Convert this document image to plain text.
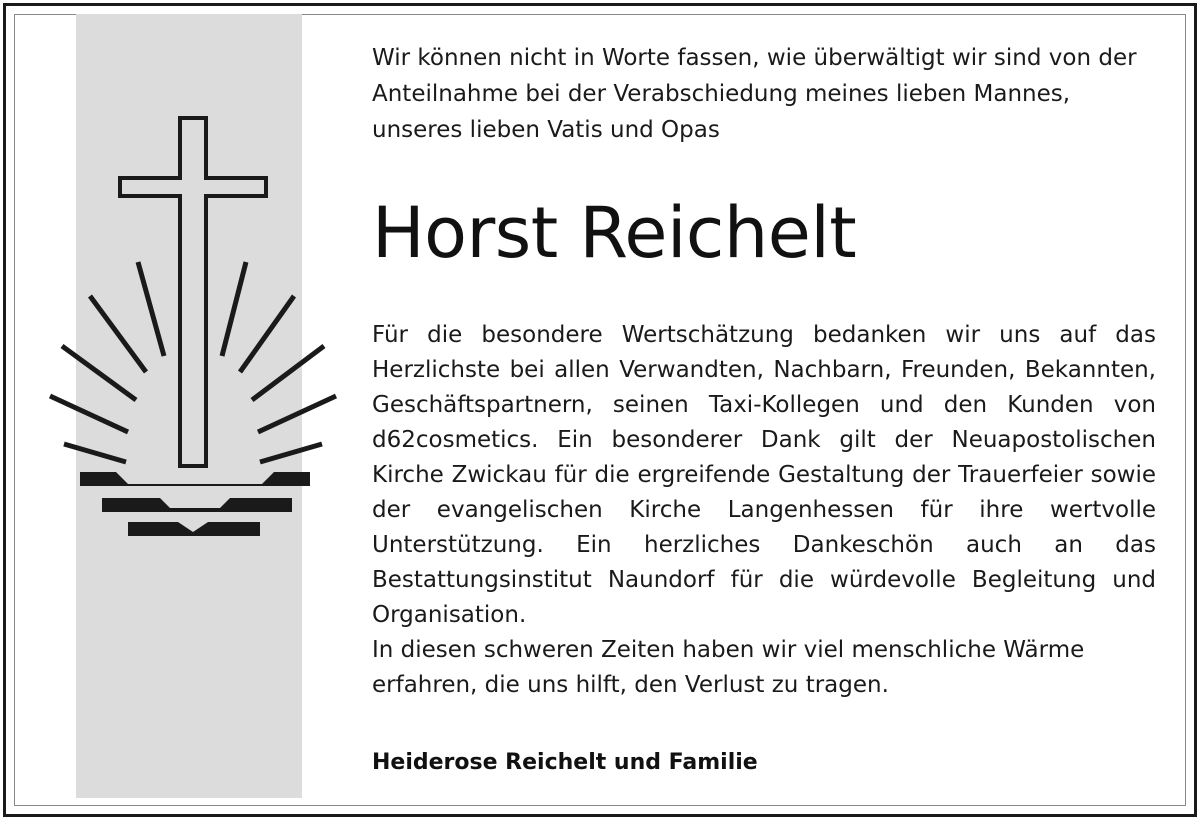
Wir können nicht in Worte fassen, wie überwältigt wir sind von der Anteilnahme bei der Verabschiedung meines lieben Mannes, unseres lieben Vatis und Opas

Horst Reichelt

Für die besondere Wertschätzung bedanken wir uns auf das Herzlichste bei allen Verwandten, Nachbarn, Freunden, Bekannten, Geschäftspartnern, seinen Taxi-Kollegen und den Kunden von d62cosmetics. Ein besonderer Dank gilt der Neuapostolischen Kirche Zwickau für die ergreifende Gestaltung der Trauerfeier sowie der evangelischen Kirche Langenhessen für ihre wertvolle Unterstützung. Ein herzliches Dankeschön auch an das Bestattungsinstitut Naundorf für die würdevolle Begleitung und Organisation.

In diesen schweren Zeiten haben wir viel menschliche Wärme erfahren, die uns hilft, den Verlust zu tragen.

Heiderose Reichelt und Familie
